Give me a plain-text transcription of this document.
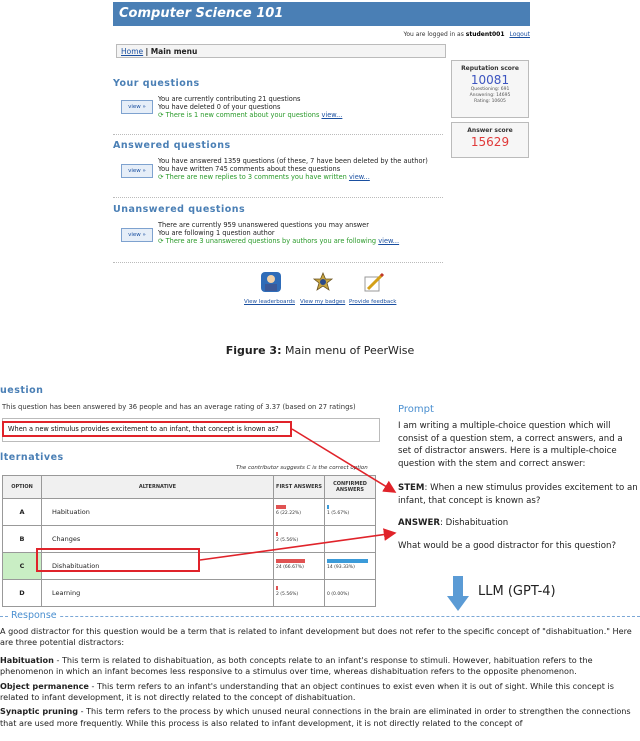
Computer Science 101
You are logged in as student001 Logout
Home | Main menu
Your questions
view »
You are currently contributing 21 questions
You have deleted 0 of your questions
⟳ There is 1 new comment about your questions view...
Answered questions
view »
You have answered 1359 questions (of these, 7 have been deleted by the author)
You have written 745 comments about these questions
⟳ There are new replies to 3 comments you have written view...
Unanswered questions
view »
There are currently 959 unanswered questions you may answer
You are following 1 question author
⟳ There are 3 unanswered questions by authors you are following view...
Reputation score
10081
Questioning: 691
Answering: 14695
Rating: 10605
Answer score
15629
View leaderboards View my badges Provide feedback
Figure 3: Main menu of PeerWise
uestion
This question has been answered by 36 people and has an average rating of 3.37 (based on 27 ratings)
When a new stimulus provides excitement to an infant, that concept is known as?
lternatives
The contributor suggests C is the correct option
OPTION	ALTERNATIVE	FIRST ANSWERS	CONFIRMED ANSWERS
A	Habituation	6 (22.22%)	1 (5.67%)

B	Changes	2 (5.56%)	

C	Dishabituation	24 (66.67%)	14 (93.33%)

D	Learning	2 (5.56%)	0 (0.00%)
Prompt
I am writing a multiple-choice question which will consist of a question stem, a correct answers, and a set of distractor answers. Here is a multiple-choice question with the stem and correct answer:
STEM: When a new stimulus provides excitement to an infant, that concept is known as?
ANSWER: Dishabituation
What would be a good distractor for this question?
LLM (GPT-4)
Response

A good distractor for this question would be a term that is related to infant development but does not refer to the specific concept of "dishabituation." Here are three potential distractors:

Habituation - This term is related to dishabituation, as both concepts relate to an infant's response to stimuli. However, habituation refers to the phenomenon in which an infant becomes less responsive to a stimulus over time, whereas dishabituation refers to the opposite phenomenon.

Object permanence - This term refers to an infant's understanding that an object continues to exist even when it is out of sight. While this concept is related to infant development, it is not directly related to the concept of dishabituation.

Synaptic pruning - This term refers to the process by which unused neural connections in the brain are eliminated in order to strengthen the connections that are used more frequently. While this process is also related to infant development, it is not directly related to the concept of
